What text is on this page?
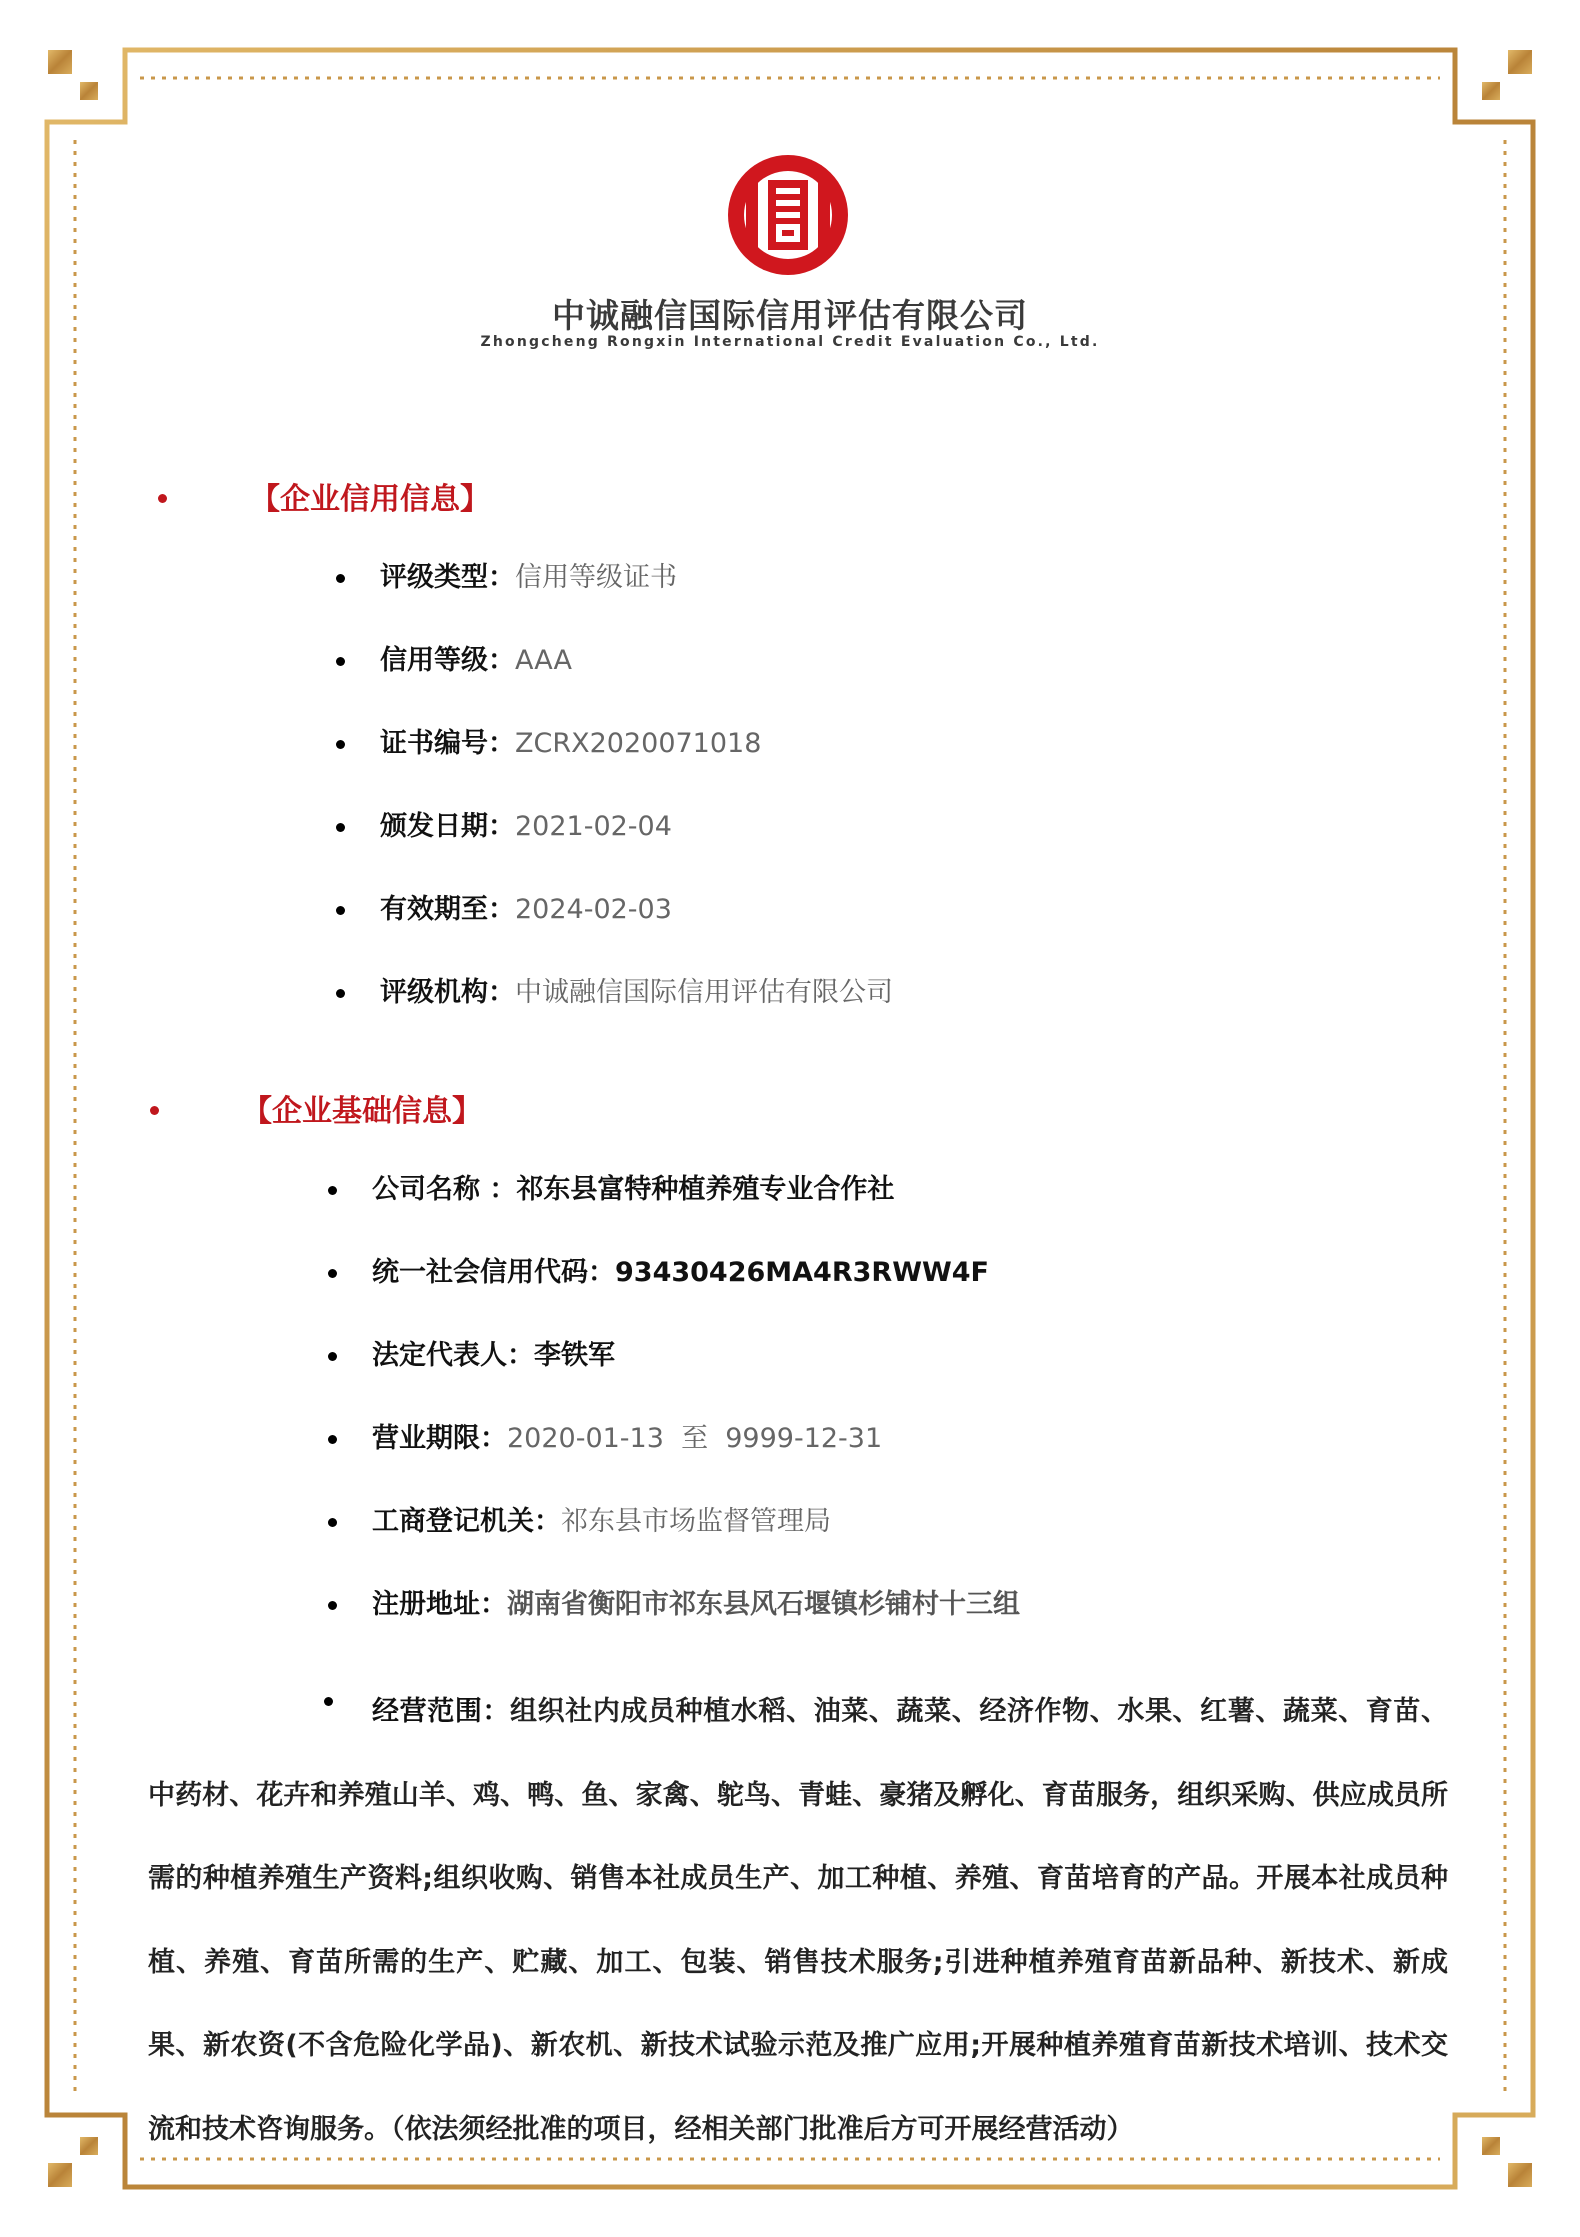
中诚融信国际信用评估有限公司
Zhongcheng Rongxin International Credit Evaluation Co., Ltd.
【企业信用信息】
评级类型：信用等级证书
信用等级：AAA
证书编号：ZCRX2020071018
颁发日期：2021-02-04
有效期至：2024-02-03
评级机构：中诚融信国际信用评估有限公司
【企业基础信息】
公司名称 ：祁东县富特种植养殖专业合作社
统一社会信用代码：93430426MA4R3RWW4F
法定代表人：李铁军
营业期限：2020-01-13  至  9999-12-31
工商登记机关：祁东县市场监督管理局
注册地址：湖南省衡阳市祁东县风石堰镇杉铺村十三组
经营范围：组织社内成员种植水稻、油菜、蔬菜、经济作物、水果、红薯、蔬菜、育苗、中药材、花卉和养殖山羊、鸡、鸭、鱼、家禽、鸵鸟、青蛙、豪猪及孵化、育苗服务，组织采购、供应成员所需的种植养殖生产资料;组织收购、销售本社成员生产、加工种植、养殖、育苗培育的产品。开展本社成员种植、养殖、育苗所需的生产、贮藏、加工、包装、销售技术服务;引进种植养殖育苗新品种、新技术、新成果、新农资(不含危险化学品)、新农机、新技术试验示范及推广应用;开展种植养殖育苗新技术培训、技术交流和技术咨询服务。（依法须经批准的项目，经相关部门批准后方可开展经营活动）
